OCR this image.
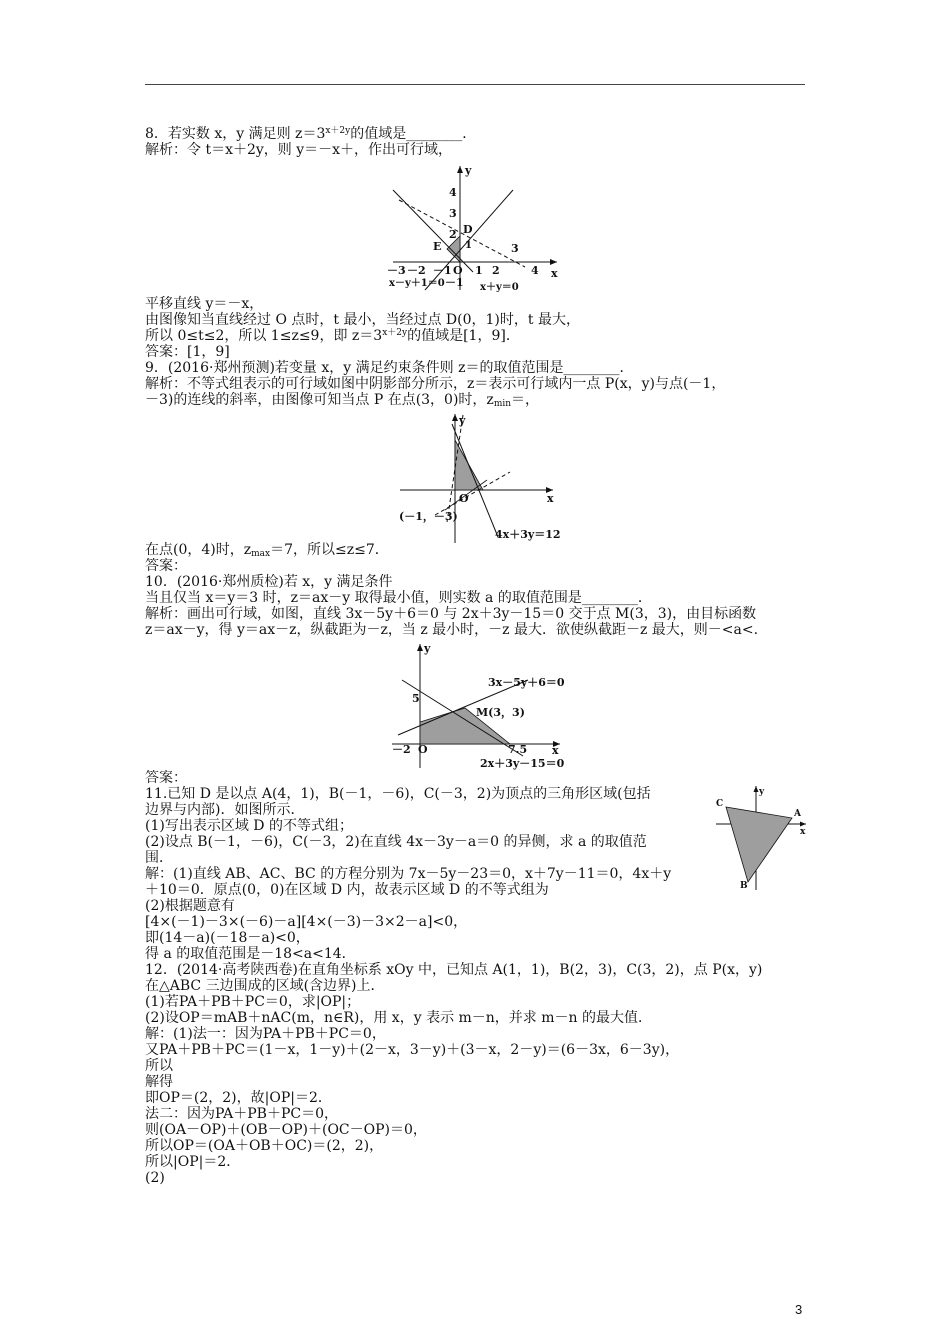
8．若实数 x，y 满足则 $z=3^{x+2y}$的值域是________．
解析：令 t＝x＋2y，则 y＝－x＋，作出可行域，
y
x
4
3
2 D
E 1	3
－3 －2 －1 O 1 2	4
－1
x－y＋1＝0	x＋y＝0
平移直线 y＝－x，
由图像知当直线经过 O 点时，t 最小，当经过点 D(0，1)时，t 最大，
所以 0≤t≤2，所以 1≤z≤9，即 $z=3^{x+2y}$的值域是[1，9]．
答案：[1，9]
9．(2016·郑州预测)若变量 x，y 满足约束条件则 z＝的取值范围是________．
解析：不等式组表示的可行域如图中阴影部分所示，z＝表示可行域内一点 P(x，y)与点(－1，
－3)的连线的斜率，由图像可知当点 P 在点(3，0)时，$z_{min}=$，
y
x
O
(－1，－3)
4x＋3y＝12
在点(0，4)时，$z_{max}=7$，所以≤z≤7．
答案：
10．(2016·郑州质检)若 x，y 满足条件
当且仅当 x＝y＝3 时，z＝ax－y 取得最小值，则实数 a 的取值范围是________．
解析：画出可行域，如图，直线 3x－5y＋6＝0 与 2x＋3y－15＝0 交于点 M(3，3)，由目标函数
z＝ax－y，得 y＝ax－z，纵截距为－z，当 z 最小时，－z 最大．欲使纵截距－z 最大，则－<a<.
y
x
5
－2 O	7.5
M(3，3)
3x－5y＋6＝0
2x＋3y－15＝0
答案：
11.已知 D 是以点 A(4，1)，B(－1，－6)，C(－3，2)为顶点的三角形区域(包括
边界与内部)．如图所示．
(1)写出表示区域 D 的不等式组；
(2)设点 B(－1，－6)，C(－3，2)在直线 4x－3y－a＝0 的异侧，求 a 的取值范
围．
解：(1)直线 AB、AC、BC 的方程分别为 7x－5y－23＝0，x＋7y－11＝0，4x＋y
＋10＝0．原点(0，0)在区域 D 内，故表示区域 D 的不等式组为
(2)根据题意有
[4×(－1)－3×(－6)－a][4×(－3)－3×2－a]<0，
即(14－a)(－18－a)<0，
得 a 的取值范围是－18<a<14．
y
x
C
A
B
12．(2014·高考陕西卷)在直角坐标系 xOy 中，已知点 A(1，1)，B(2，3)，C(3，2)，点 P(x，y)
在△ABC 三边围成的区域(含边界)上．
(1)若PA＋PB＋PC＝0，求|OP|；
(2)设OP＝mAB＋nAC(m，n∈R)，用 x，y 表示 m－n，并求 m－n 的最大值．
解：(1)法一：因为PA＋PB＋PC＝0，
又PA＋PB＋PC＝(1－x，1－y)＋(2－x，3－y)＋(3－x，2－y)＝(6－3x，6－3y)，
所以
解得
即OP＝(2，2)，故|OP|＝2．
法二：因为PA＋PB＋PC＝0，
则(OA－OP)＋(OB－OP)＋(OC－OP)＝0，
所以OP＝(OA＋OB＋OC)＝(2，2)，
所以|OP|＝2．
(2)
3
